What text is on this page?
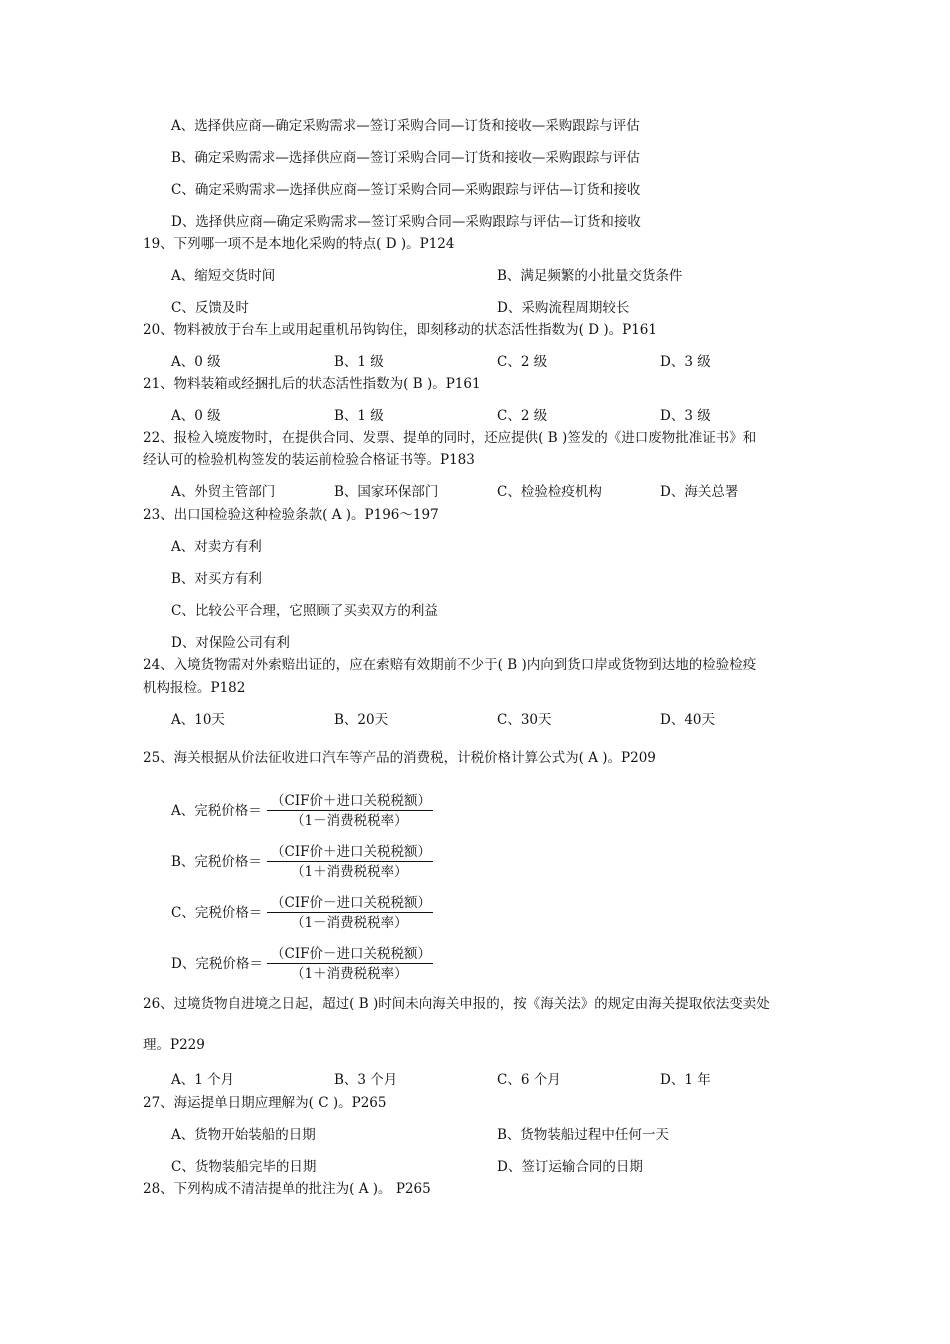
A、选择供应商—确定采购需求—签订采购合同—订货和接收—采购跟踪与评估
B、确定采购需求—选择供应商—签订采购合同—订货和接收—采购跟踪与评估
C、确定采购需求—选择供应商—签订采购合同—采购跟踪与评估—订货和接收
D、选择供应商—确定采购需求—签订采购合同—采购跟踪与评估—订货和接收
19、下列哪一项不是本地化采购的特点( D )。P124
A、缩短交货时间	B、满足频繁的小批量交货条件
C、反馈及时	D、采购流程周期较长
20、物料被放于台车上或用起重机吊钩钩住，即刻移动的状态活性指数为( D )。P161
A、0 级	B、1 级	C、2 级	D、3 级
21、物料装箱或经捆扎后的状态活性指数为( B )。P161
A、0 级	B、1 级	C、2 级	D、3 级
22、报检入境废物时，在提供合同、发票、提单的同时，还应提供( B )签发的《进口废物批准证书》和
经认可的检验机构签发的装运前检验合格证书等。P183
A、外贸主管部门	B、国家环保部门	C、检验检疫机构	D、海关总署
23、出口国检验这种检验条款( A )。P196～197
A、对卖方有利
B、对买方有利
C、比较公平合理，它照顾了买卖双方的利益
D、对保险公司有利
24、入境货物需对外索赔出证的，应在索赔有效期前不少于( B )内向到货口岸或货物到达地的检验检疫
机构报检。P182
A、10天	B、20天	C、30天	D、40天
25、海关根据从价法征收进口汽车等产品的消费税，计税价格计算公式为( A )。P209
A、完税价格＝
（CIF价＋进口关税税额）
（1－消费税税率）
B、完税价格＝
（CIF价＋进口关税税额）
（1＋消费税税率）
C、完税价格＝
（CIF价－进口关税税额）
（1－消费税税率）
D、完税价格＝
（CIF价－进口关税税额）
（1＋消费税税率）
26、过境货物自进境之日起，超过( B )时间未向海关申报的，按《海关法》的规定由海关提取依法变卖处
理。P229
A、1 个月	B、3 个月	C、6 个月	D、1 年
27、海运提单日期应理解为( C )。P265
A、货物开始装船的日期	B、货物装船过程中任何一天
C、货物装船完毕的日期	D、签订运输合同的日期
28、下列构成不清洁提单的批注为( A )。 P265
